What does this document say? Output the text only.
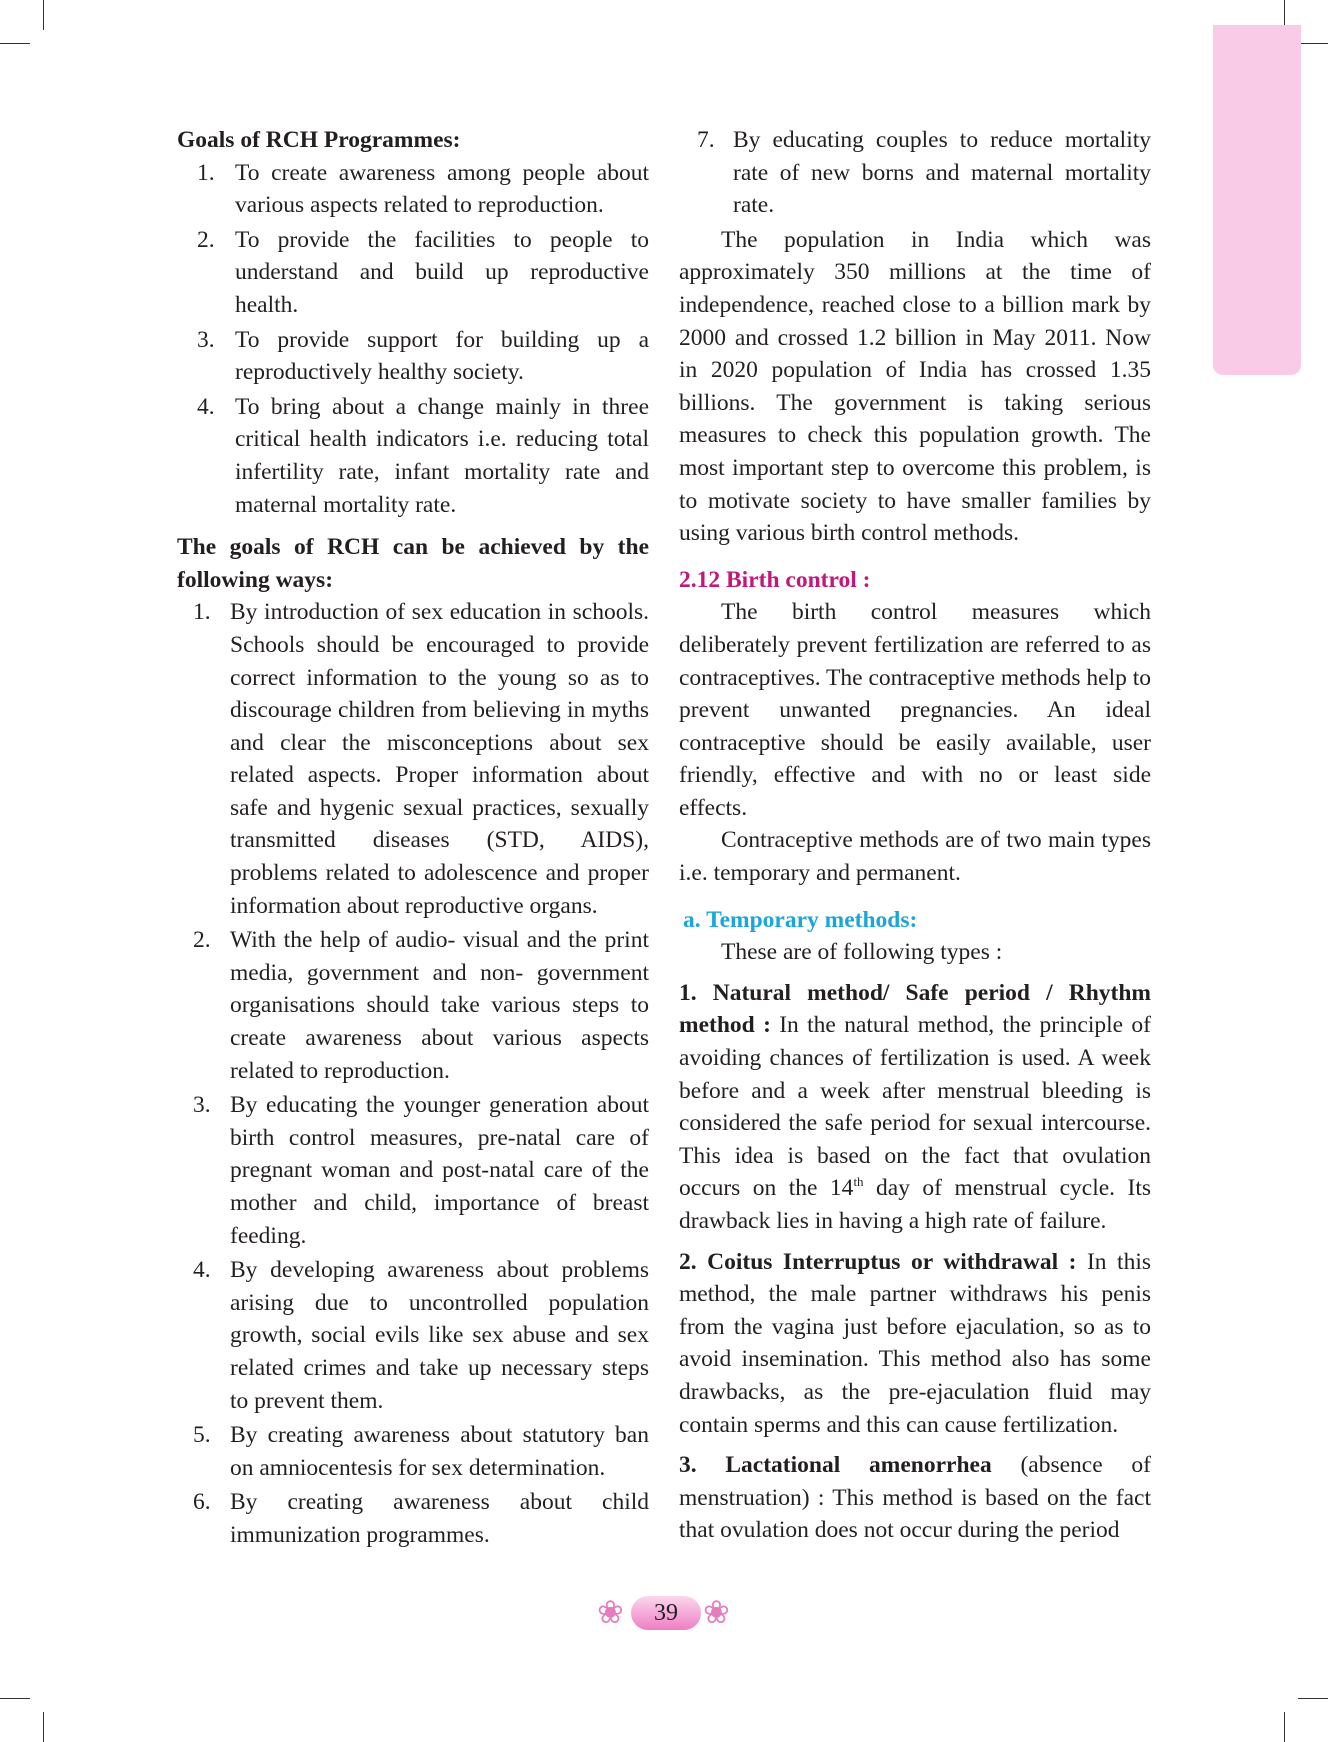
Goals of RCH Programmes:
1. To create awareness among people about various aspects related to reproduction.
2. To provide the facilities to people to understand and build up reproductive health.
3. To provide support for building up a reproductively healthy society.
4. To bring about a change mainly in three critical health indicators i.e. reducing total infertility rate, infant mortality rate and maternal mortality rate.
The goals of RCH can be achieved by the following ways:
1. By introduction of sex education in schools. Schools should be encouraged to provide correct information to the young so as to discourage children from believing in myths and clear the misconceptions about sex related aspects. Proper information about safe and hygenic sexual practices, sexually transmitted diseases (STD, AIDS), problems related to adolescence and proper information about reproductive organs.
2. With the help of audio- visual and the print media, government and non- government organisations should take various steps to create awareness about various aspects related to reproduction.
3. By educating the younger generation about birth control measures, pre-natal care of pregnant woman and post-natal care of the mother and child, importance of breast feeding.
4. By developing awareness about problems arising due to uncontrolled population growth, social evils like sex abuse and sex related crimes and take up necessary steps to prevent them.
5. By creating awareness about statutory ban on amniocentesis for sex determination.
6. By creating awareness about child immunization programmes.
7. By educating couples to reduce mortality rate of new borns and maternal mortality rate.

The population in India which was approximately 350 millions at the time of independence, reached close to a billion mark by 2000 and crossed 1.2 billion in May 2011. Now in 2020 population of India has crossed 1.35 billions. The government is taking serious measures to check this population growth. The most important step to overcome this problem, is to motivate society to have smaller families by using various birth control methods.

2.12 Birth control :

The birth control measures which deliberately prevent fertilization are referred to as contraceptives. The contraceptive methods help to prevent unwanted pregnancies. An ideal contraceptive should be easily available, user friendly, effective and with no or least side effects.

Contraceptive methods are of two main types i.e. temporary and permanent.

a. Temporary methods:

These are of following types :

1. Natural method/ Safe period / Rhythm method : In the natural method, the principle of avoiding chances of fertilization is used. A week before and a week after menstrual bleeding is considered the safe period for sexual intercourse. This idea is based on the fact that ovulation occurs on the 14th day of menstrual cycle. Its drawback lies in having a high rate of failure.

2. Coitus Interruptus or withdrawal : In this method, the male partner withdraws his penis from the vagina just before ejaculation, so as to avoid insemination. This method also has some drawbacks, as the pre-ejaculation fluid may contain sperms and this can cause fertilization.

3. Lactational amenorrhea (absence of menstruation) : This method is based on the fact that ovulation does not occur during the period

❀	39 ❀
